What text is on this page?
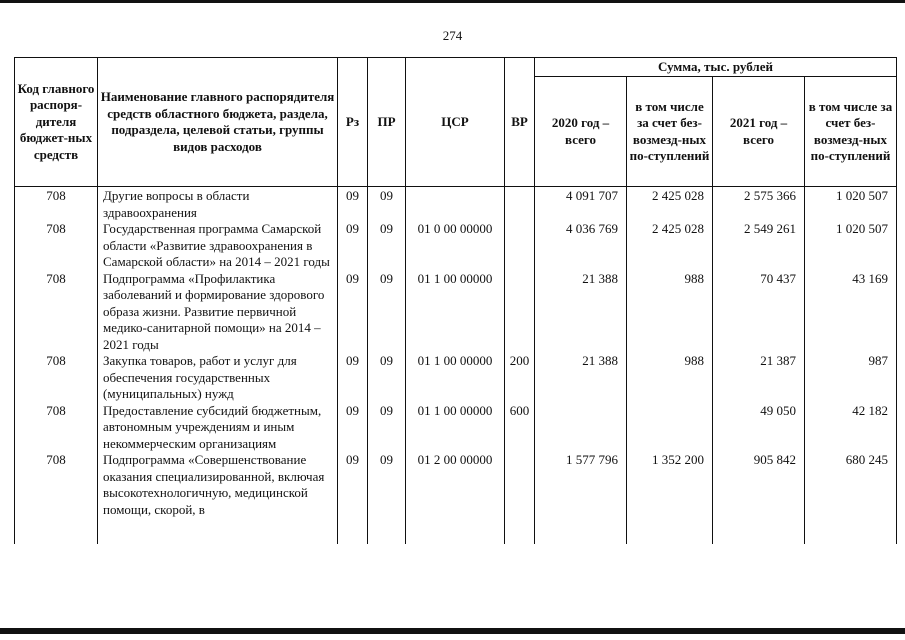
274
Код главного распоря-дителя бюджет-ных средств	Наименование главного распорядителя средств областного бюджета, раздела, подраздела, целевой статьи, группы видов расходов	Рз	ПР	ЦСР	ВР	Сумма, тыс. рублей			
						2020 год – всего	в том числе за счет без-возмезд-ных по-ступлений	2021 год – всего	в том числе за счет без-возмезд-ных по-ступлений
708	Другие вопросы в области здравоохранения	09	09			4 091 707	2 425 028	2 575 366	1 020 507
708	Государственная программа Самарской области «Развитие здравоохранения в Самарской области» на 2014 – 2021 годы	09	09	01 0 00 00000		4 036 769	2 425 028	2 549 261	1 020 507
708	Подпрограмма «Профилактика заболеваний и формирование здорового образа жизни. Развитие первичной медико-санитарной помощи» на 2014 – 2021 годы	09	09	01 1 00 00000		21 388	988	70 437	43 169
708	Закупка товаров, работ и услуг для обеспечения государственных (муниципальных) нужд	09	09	01 1 00 00000	200	21 388	988	21 387	987
708	Предоставление субсидий бюджетным, автономным учреждениям и иным некоммерческим организациям	09	09	01 1 00 00000	600			49 050	42 182
708	Подпрограмма «Совершенствование оказания специализированной, включая высокотехнологичную, медицинской помощи, скорой, в	09	09	01 2 00 00000		1 577 796	1 352 200	905 842	680 245
